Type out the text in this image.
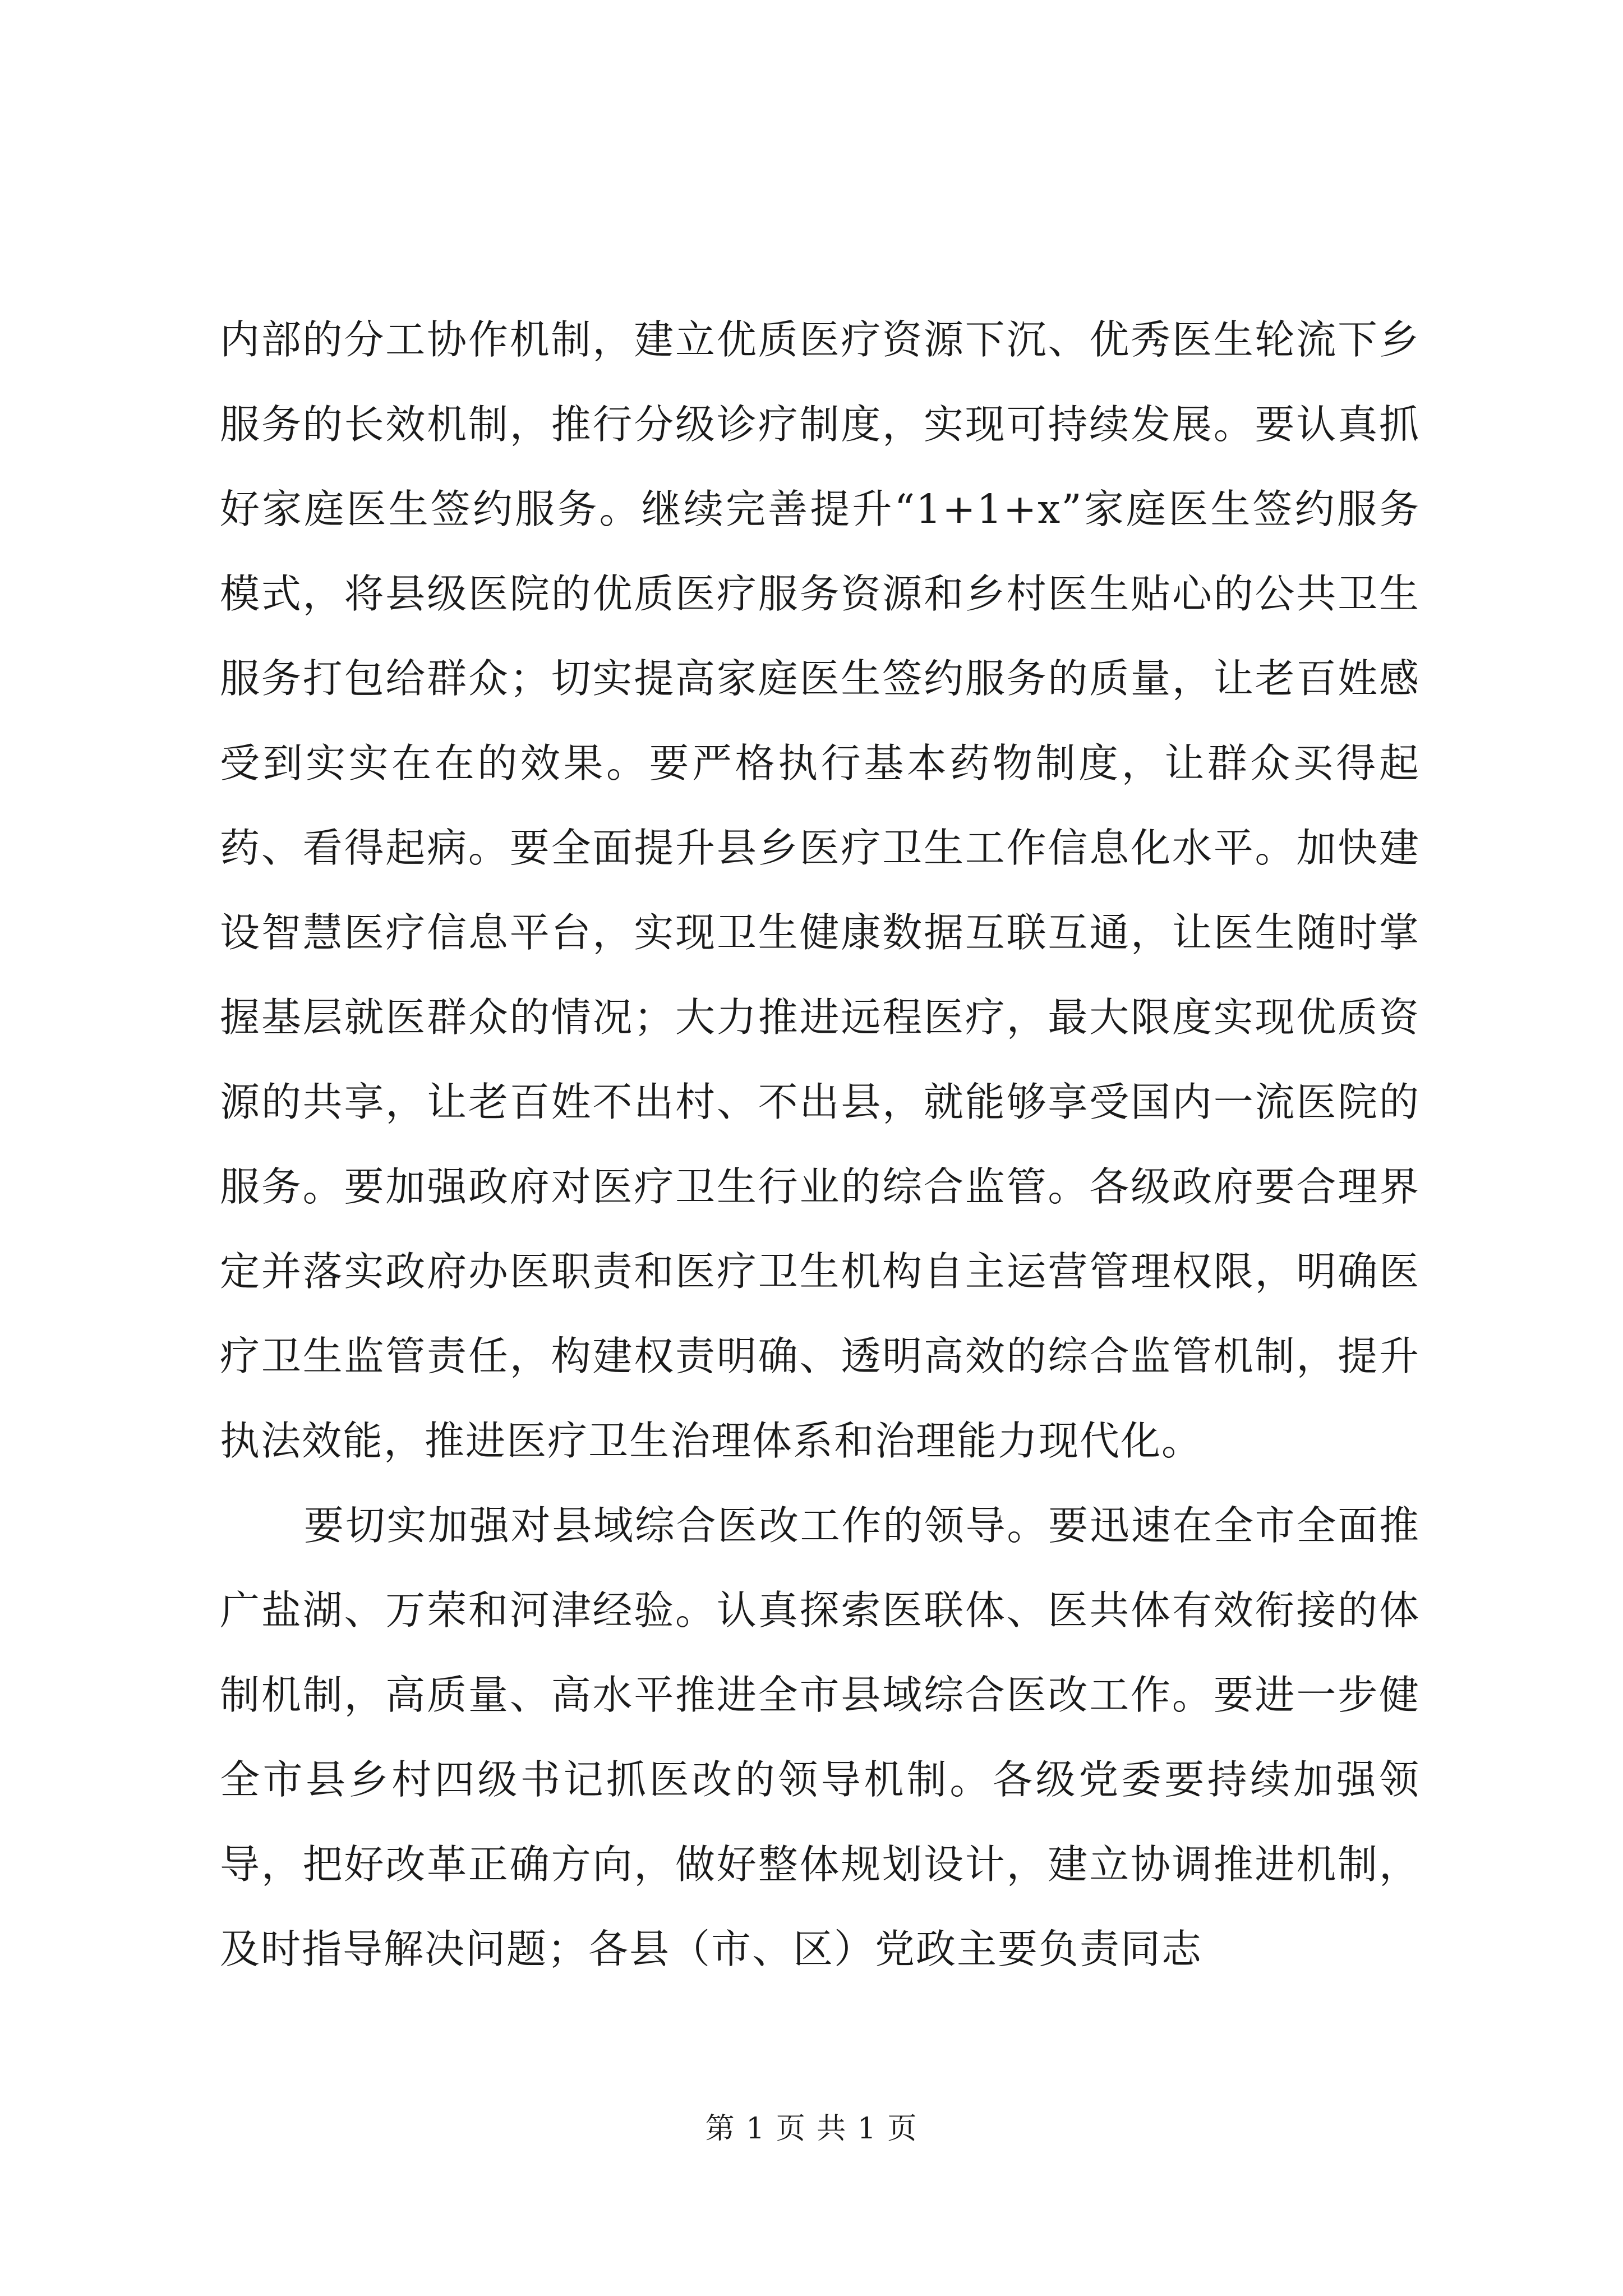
内部的分工协作机制，建立优质医疗资源下沉、优秀医生轮流下乡服务的长效机制，推行分级诊疗制度，实现可持续发展。要认真抓好家庭医生签约服务。继续完善提升“1+1+x”家庭医生签约服务模式，将县级医院的优质医疗服务资源和乡村医生贴心的公共卫生服务打包给群众；切实提高家庭医生签约服务的质量，让老百姓感受到实实在在的效果。要严格执行基本药物制度，让群众买得起药、看得起病。要全面提升县乡医疗卫生工作信息化水平。加快建设智慧医疗信息平台，实现卫生健康数据互联互通，让医生随时掌握基层就医群众的情况；大力推进远程医疗，最大限度实现优质资源的共享，让老百姓不出村、不出县，就能够享受国内一流医院的服务。要加强政府对医疗卫生行业的综合监管。各级政府要合理界定并落实政府办医职责和医疗卫生机构自主运营管理权限，明确医疗卫生监管责任，构建权责明确、透明高效的综合监管机制，提升执法效能，推进医疗卫生治理体系和治理能力现代化。

要切实加强对县域综合医改工作的领导。要迅速在全市全面推广盐湖、万荣和河津经验。认真探索医联体、医共体有效衔接的体制机制，高质量、高水平推进全市县域综合医改工作。要进一步健全市县乡村四级书记抓医改的领导机制。各级党委要持续加强领导，把好改革正确方向，做好整体规划设计，建立协调推进机制，及时指导解决问题；各县（市、区）党政主要负责同志

第 1 页 共 1 页
